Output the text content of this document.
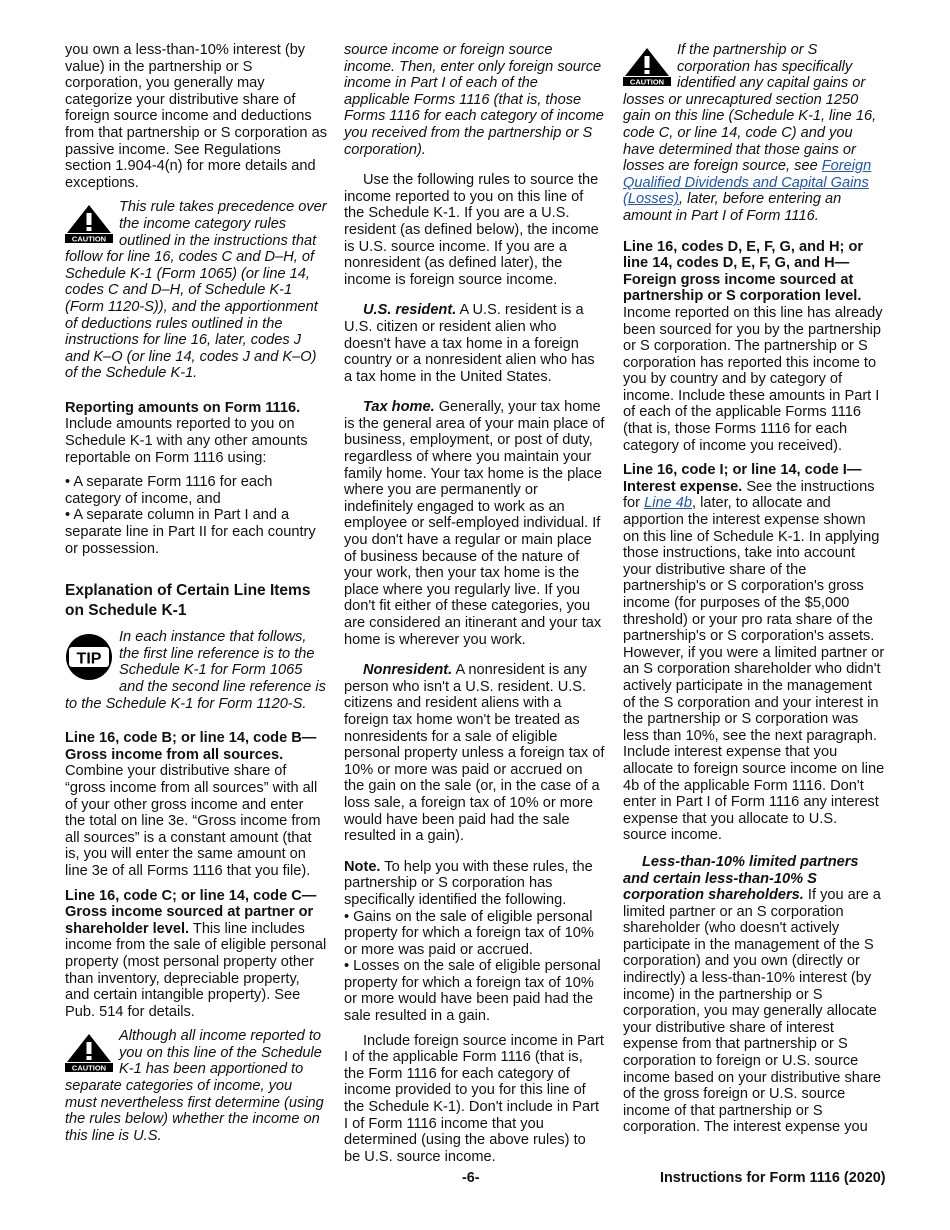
you own a less-than-10% interest (by value) in the partnership or S corporation, you generally may categorize your distributive share of foreign source income and deductions from that partnership or S corporation as passive income. See Regulations section 1.904-4(n) for more details and exceptions.

CAUTION

This rule takes precedence over the income category rules outlined in the instructions that follow for line 16, codes C and D–H, of Schedule K-1 (Form 1065) (or line 14, codes C and D–H, of Schedule K-1 (Form 1120-S)), and the apportionment of deductions rules outlined in the instructions for line 16, later, codes J and K–O (or line 14, codes J and K–O) of the Schedule K-1.

Reporting amounts on Form 1116. Include amounts reported to you on Schedule K-1 with any other amounts reportable on Form 1116 using:

• A separate Form 1116 for each category of income, and

• A separate column in Part I and a separate line in Part II for each country or possession.

Explanation of Certain Line Items on Schedule K-1
TIP

In each instance that follows, the first line reference is to the Schedule K-1 for Form 1065 and the second line reference is to the Schedule K-1 for Form 1120-S.

Line 16, code B; or line 14, code B—Gross income from all sources. Combine your distributive share of “gross income from all sources” with all of your other gross income and enter the total on line 3e. “Gross income from all sources” is a constant amount (that is, you will enter the same amount on line 3e of all Forms 1116 that you file).

Line 16, code C; or line 14, code C—Gross income sourced at partner or shareholder level. This line includes income from the sale of eligible personal property (most personal property other than inventory, depreciable property, and certain intangible property). See Pub. 514 for details.

CAUTION

Although all income reported to you on this line of the Schedule K-1 has been apportioned to separate categories of income, you must nevertheless first determine (using the rules below) whether the income on this line is U.S.

source income or foreign source income. Then, enter only foreign source income in Part I of each of the applicable Forms 1116 (that is, those Forms 1116 for each category of income you received from the partnership or S corporation).

Use the following rules to source the income reported to you on this line of the Schedule K-1. If you are a U.S. resident (as defined below), the income is U.S. source income. If you are a nonresident (as defined later), the income is foreign source income.

U.S. resident. A U.S. resident is a U.S. citizen or resident alien who doesn't have a tax home in a foreign country or a nonresident alien who has a tax home in the United States.

Tax home. Generally, your tax home is the general area of your main place of business, employment, or post of duty, regardless of where you maintain your family home. Your tax home is the place where you are permanently or indefinitely engaged to work as an employee or self-employed individual. If you don't have a regular or main place of business because of the nature of your work, then your tax home is the place where you regularly live. If you don't fit either of these categories, you are considered an itinerant and your tax home is wherever you work.

Nonresident. A nonresident is any person who isn't a U.S. resident. U.S. citizens and resident aliens with a foreign tax home won't be treated as nonresidents for a sale of eligible personal property unless a foreign tax of 10% or more was paid or accrued on the gain on the sale (or, in the case of a loss sale, a foreign tax of 10% or more would have been paid had the sale resulted in a gain).

Note. To help you with these rules, the partnership or S corporation has specifically identified the following.

• Gains on the sale of eligible personal property for which a foreign tax of 10% or more was paid or accrued.

• Losses on the sale of eligible personal property for which a foreign tax of 10% or more would have been paid had the sale resulted in a gain.

Include foreign source income in Part I of the applicable Form 1116 (that is, the Form 1116 for each category of income provided to you for this line of the Schedule K-1). Don't include in Part I of Form 1116 income that you determined (using the above rules) to be U.S. source income.

CAUTION

If the partnership or S corporation has specifically identified any capital gains or losses or unrecaptured section 1250 gain on this line (Schedule K-1, line 16, code C, or line 14, code C) and you have determined that those gains or losses are foreign source, see Foreign Qualified Dividends and Capital Gains (Losses), later, before entering an amount in Part I of Form 1116.

Line 16, codes D, E, F, G, and H; or line 14, codes D, E, F, G, and H—Foreign gross income sourced at partnership or S corporation level. Income reported on this line has already been sourced for you by the partnership or S corporation. The partnership or S corporation has reported this income to you by country and by category of income. Include these amounts in Part I of each of the applicable Forms 1116 (that is, those Forms 1116 for each category of income you received).

Line 16, code I; or line 14, code I—Interest expense. See the instructions for Line 4b, later, to allocate and apportion the interest expense shown on this line of Schedule K-1. In applying those instructions, take into account your distributive share of the partnership's or S corporation's gross income (for purposes of the $5,000 threshold) or your pro rata share of the partnership's or S corporation's assets. However, if you were a limited partner or an S corporation shareholder who didn't actively participate in the management of the S corporation and your interest in the partnership or S corporation was less than 10%, see the next paragraph. Include interest expense that you allocate to foreign source income on line 4b of the applicable Form 1116. Don't enter in Part I of Form 1116 any interest expense that you allocate to U.S. source income.

Less-than-10% limited partners and certain less-than-10% S corporation shareholders. If you are a limited partner or an S corporation shareholder (who doesn't actively participate in the management of the S corporation) and you own (directly or indirectly) a less-than-10% interest (by income) in the partnership or S corporation, you may generally allocate your distributive share of interest expense from that partnership or S corporation to foreign or U.S. source income based on your distributive share of the gross foreign or U.S. source income of that partnership or S corporation. The interest expense you

-6-	Instructions for Form 1116 (2020)
